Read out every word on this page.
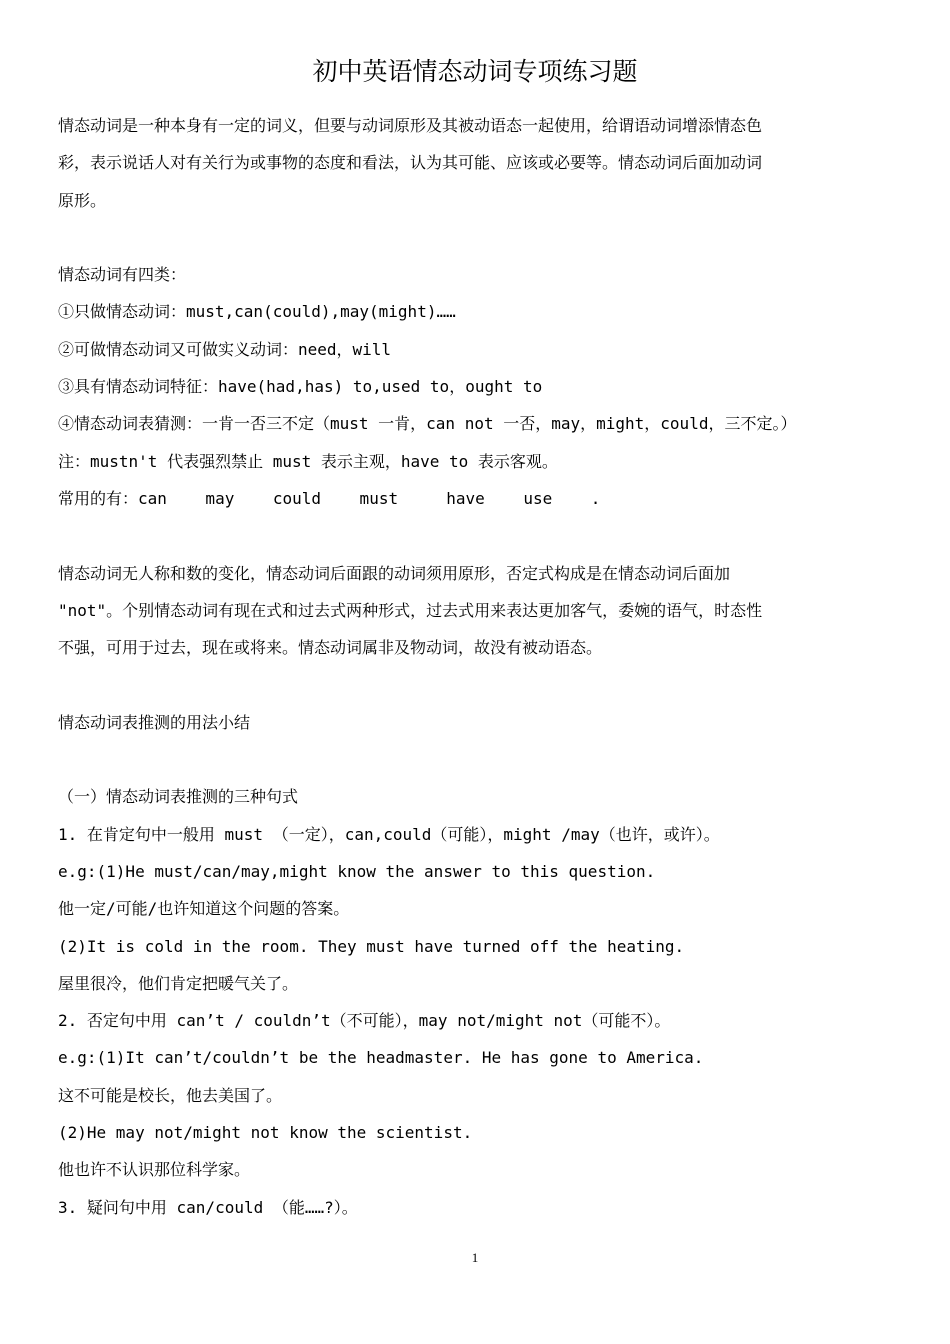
初中英语情态动词专项练习题
情态动词是一种本身有一定的词义，但要与动词原形及其被动语态一起使用，给谓语动词增添情态色
彩，表示说话人对有关行为或事物的态度和看法，认为其可能、应该或必要等。情态动词后面加动词
原形。
情态动词有四类：
①只做情态动词：must,can(could),may(might)……
②可做情态动词又可做实义动词：need，will
③具有情态动词特征：have(had,has) to,used to，ought to
④情态动词表猜测：一肯一否三不定（must 一肯，can not 一否，may，might，could，三不定。）
注：mustn't 代表强烈禁止 must 表示主观，have to 表示客观。
常用的有：can    may    could    must     have    use    .
情态动词无人称和数的变化，情态动词后面跟的动词须用原形，否定式构成是在情态动词后面加
"not"。个别情态动词有现在式和过去式两种形式，过去式用来表达更加客气，委婉的语气，时态性
不强，可用于过去，现在或将来。情态动词属非及物动词，故没有被动语态。
情态动词表推测的用法小结
（一）情态动词表推测的三种句式
1. 在肯定句中一般用 must （一定），can,could（可能），might /may（也许，或许）。
e.g:(1)He must/can/may,might know the answer to this question.
他一定/可能/也许知道这个问题的答案。
(2)It is cold in the room. They must have turned off the heating.
屋里很冷，他们肯定把暖气关了。
2. 否定句中用 can’t / couldn’t（不可能），may not/might not（可能不）。
e.g:(1)It can’t/couldn’t be the headmaster. He has gone to America.
这不可能是校长，他去美国了。
(2)He may not/might not know the scientist.
他也许不认识那位科学家。
3. 疑问句中用 can/could （能……?）。
1
